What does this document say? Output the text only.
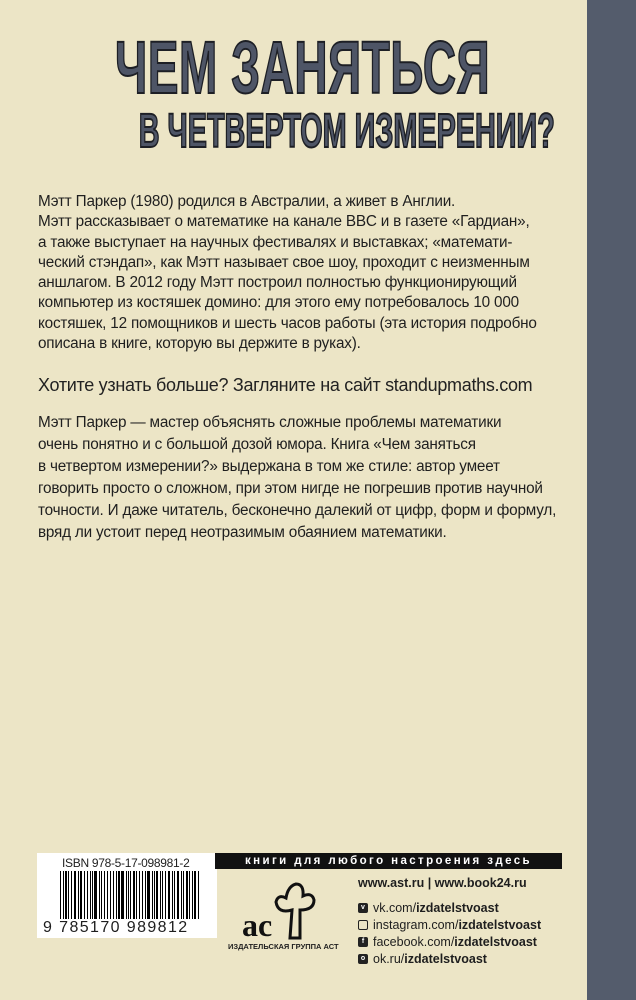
ЧЕМ ЗАНЯТЬСЯ
В ЧЕТВЕРТОМ ИЗМЕРЕНИИ?
Мэтт Паркер (1980) родился в Австралии, а живет в Англии.
Мэтт рассказывает о математике на канале BBC и в газете «Гардиан»,
а также выступает на научных фестивалях и выставках; «математи-
ческий стэндап», как Мэтт называет свое шоу, проходит с неизменным
аншлагом. В 2012 году Мэтт построил полностью функционирующий
компьютер из костяшек домино: для этого ему потребовалось 10 000
костяшек, 12 помощников и шесть часов работы (эта история подробно
описана в книге, которую вы держите в руках).
Хотите узнать больше? Загляните на сайт standupmaths.com
Мэтт Паркер — мастер объяснять сложные проблемы математики
очень понятно и с большой дозой юмора. Книга «Чем заняться
в четвертом измерении?» выдержана в том же стиле: автор умеет
говорить просто о сложном, при этом нигде не погрешив против научной
точности. И даже читатель, бесконечно далекий от цифр, форм и формул,
вряд ли устоит перед неотразимым обаянием математики.
ISBN 978-5-17-098981-2
9 785170 989812
книги для любого настроения здесь
ac
ИЗДАТЕЛЬСКАЯ ГРУППА АСТ
www.ast.ru | www.book24.ru
v vk.com/ izdatelstvoast
instagram.com/ izdatelstvoast
f facebook.com/ izdatelstvoast
o ok.ru/ izdatelstvoast
